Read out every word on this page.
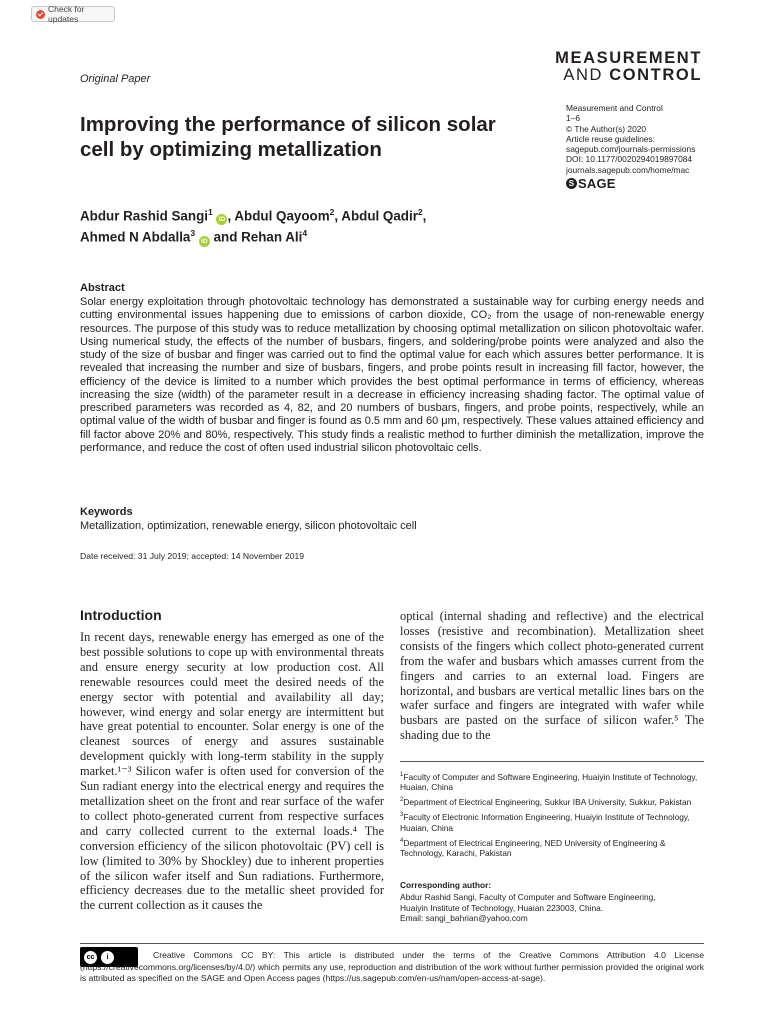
Check for updates
MEASUREMENT
AND CONTROL
Original Paper
Measurement and Control
1–6
© The Author(s) 2020
Article reuse guidelines:
sagepub.com/journals-permissions
DOI: 10.1177/0020294019897084
journals.sagepub.com/home/mac
S SAGE
Improving the performance of silicon solar cell by optimizing metallization
Abdur Rashid Sangi$^1$ iD , Abdul Qayoom$^2$, Abdul Qadir$^2$,
Ahmed N Abdalla$^3$ iD and Rehan Ali$^4$
Abstract
Solar energy exploitation through photovoltaic technology has demonstrated a sustainable way for curbing energy needs and cutting environmental issues happening due to emissions of carbon dioxide, CO₂ from the usage of non-renewable energy resources. The purpose of this study was to reduce metallization by choosing optimal metallization on silicon photovoltaic wafer. Using numerical study, the effects of the number of busbars, fingers, and soldering/probe points were analyzed and also the study of the size of busbar and finger was carried out to find the optimal value for each which assures better performance. It is revealed that increasing the number and size of busbars, fingers, and probe points result in increasing fill factor, however, the efficiency of the device is limited to a number which provides the best optimal performance in terms of efficiency, whereas increasing the size (width) of the parameter result in a decrease in efficiency increasing shading factor. The optimal value of prescribed parameters was recorded as 4, 82, and 20 numbers of busbars, fingers, and probe points, respectively, while an optimal value of the width of busbar and finger is found as 0.5 mm and 60 μm, respectively. These values attained efficiency and fill factor above 20% and 80%, respectively. This study finds a realistic method to further diminish the metallization, improve the performance, and reduce the cost of often used industrial silicon photovoltaic cells.
Keywords
Metallization, optimization, renewable energy, silicon photovoltaic cell
Date received: 31 July 2019; accepted: 14 November 2019
Introduction
In recent days, renewable energy has emerged as one of the best possible solutions to cope up with environmental threats and ensure energy security at low production cost. All renewable resources could meet the desired needs of the energy sector with potential and availability all day; however, wind energy and solar energy are intermittent but have great potential to encounter. Solar energy is one of the cleanest sources of energy and assures sustainable development quickly with long-term stability in the supply market.¹⁻³ Silicon wafer is often used for conversion of the Sun radiant energy into the electrical energy and requires the metallization sheet on the front and rear surface of the wafer to collect photo-generated current from respective surfaces and carry collected current to the external loads.⁴ The conversion efficiency of the silicon photovoltaic (PV) cell is low (limited to 30% by Shockley) due to inherent properties of the silicon wafer itself and Sun radiations. Furthermore, efficiency decreases due to the metallic sheet provided for the current collection as it causes the
optical (internal shading and reflective) and the electrical losses (resistive and recombination). Metallization sheet consists of the fingers which collect photo-generated current from the wafer and busbars which amasses current from the fingers and carries to an external load. Fingers are horizontal, and busbars are vertical metallic lines bars on the wafer surface and fingers are integrated with wafer while busbars are pasted on the surface of silicon wafer.⁵ The shading due to the
$^1$Faculty of Computer and Software Engineering, Huaiyin Institute of Technology, Huaian, China
$^2$Department of Electrical Engineering, Sukkur IBA University, Sukkur, Pakistan
$^3$Faculty of Electronic Information Engineering, Huaiyin Institute of Technology, Huaian, China
$^4$Department of Electrical Engineering, NED University of Engineering & Technology, Karachi, Pakistan
Corresponding author:
Abdur Rashid Sangi, Faculty of Computer and Software Engineering,
Huaiyin Institute of Technology, Huaian 223003, China.
Email: sangi_bahrian@yahoo.com
cc	i	Creative Commons CC BY: This article is distributed under the terms of the Creative Commons Attribution 4.0 License (https://creativecommons.org/licenses/by/4.0/) which permits any use, reproduction and distribution of the work without further permission provided the original work is attributed as specified on the SAGE and Open Access pages (https://us.sagepub.com/en-us/nam/open-access-at-sage).
